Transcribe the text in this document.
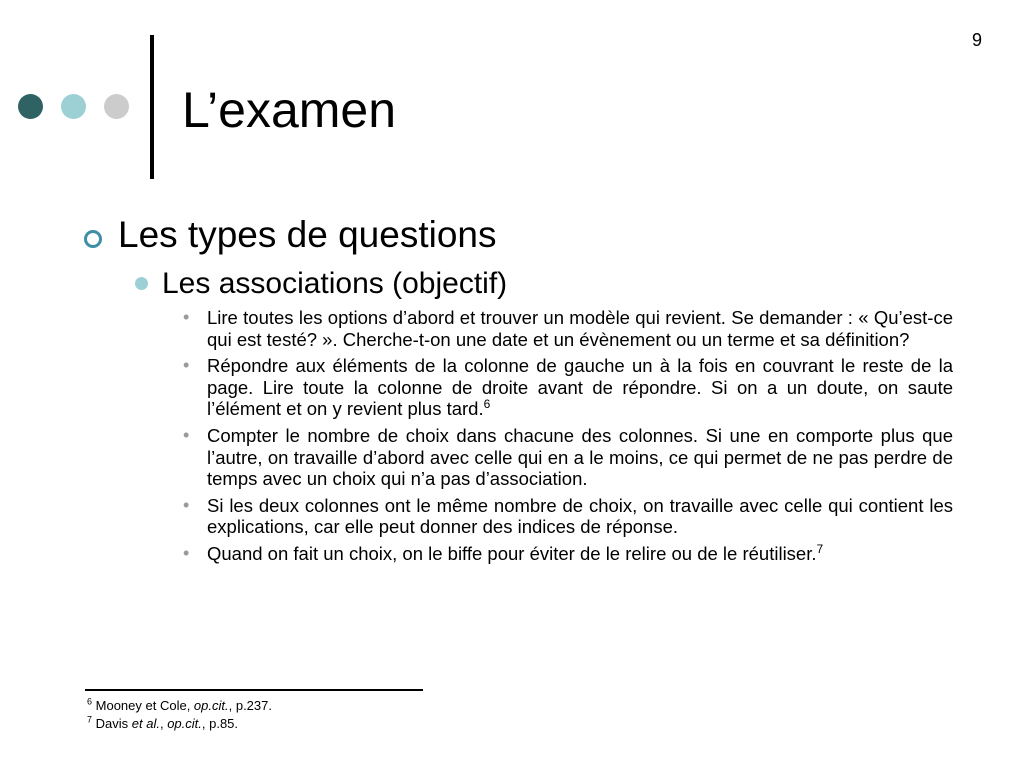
9
L’examen
Les types de questions
Les associations (objectif)
• Lire toutes les options d’abord et trouver un modèle qui revient. Se demander : « Qu’est-ce qui est testé? ». Cherche-t-on une date et un évènement ou un terme et sa définition?
• Répondre aux éléments de la colonne de gauche un à la fois en couvrant le reste de la page. Lire toute la colonne de droite avant de répondre. Si on a un doute, on saute l’élément et on y revient plus tard.$^6$
• Compter le nombre de choix dans chacune des colonnes. Si une en comporte plus que l’autre, on travaille d’abord avec celle qui en a le moins, ce qui permet de ne pas perdre de temps avec un choix qui n’a pas d’association.
• Si les deux colonnes ont le même nombre de choix, on travaille avec celle qui contient les explications, car elle peut donner des indices de réponse.
• Quand on fait un choix, on le biffe pour éviter de le relire ou de le réutiliser.$^7$
$^6$ Mooney et Cole, op.cit., p.237.
$^7$ Davis et al., op.cit., p.85.
